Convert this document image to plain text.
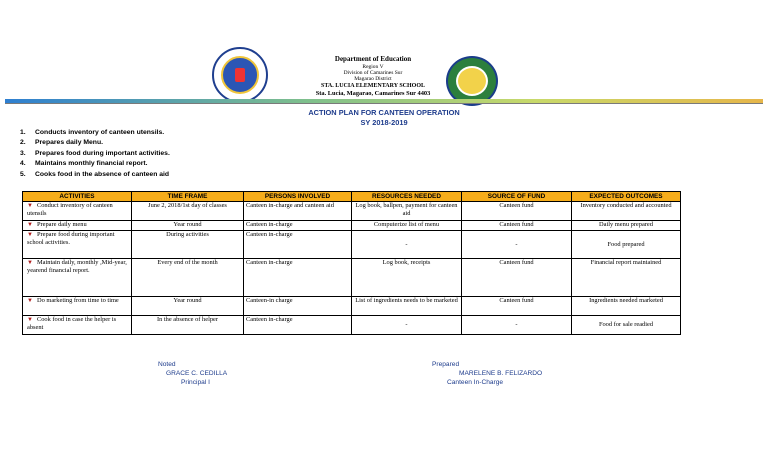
Department of Education
Region V
Division of Camarines Sur
Magarao District
STA. LUCIA ELEMENTARY SCHOOL
Sta. Lucia, Magarao, Camarines Sur 4403
ACTION PLAN FOR CANTEEN OPERATION
SY 2018-2019
1. Conducts inventory of canteen utensils.
2. Prepares daily Menu.
3. Prepares food during important activities.
4. Maintains monthly financial report.
5. Cooks food in the absence of canteen aid
ACTIVITIES	TIME FRAME	PERSONS INVOLVED	RESOURCES NEEDED	SOURCE OF FUND	EXPECTED OUTCOMES
▼ Conduct inventory of canteen utensils	June 2, 2018/1st day of classes	Canteen in-charge and canteen aid	Log book, ballpen, payment for canteen aid	Canteen fund	Inventory conducted and accounted
▼ Prepare daily menu	Year round	Canteen in-charge	Computerize list of menu	Canteen fund	Daily menu prepared
▼ Prepare food during important school activities.	During activities	Canteen in-charge	-	-	Food prepared
▼ Maintain daily, monthly ,Mid-year, yearend financial report.	Every end of the month	Canteen in-charge	Log book, receipts	Canteen fund	Financial report maintained
▼ Do marketing from time to time	Year round	Canteen-in charge	List of ingredients needs to be marketed	Canteen fund	Ingredients needed marketed
▼ Cook food in case the helper is absent	In the absence of helper	Canteen in-charge	-	-	Food for sale readied
Noted
GRACE C. CEDILLA
Principal I
Prepared
MARELENE B. FELIZARDO
Canteen In-Charge
